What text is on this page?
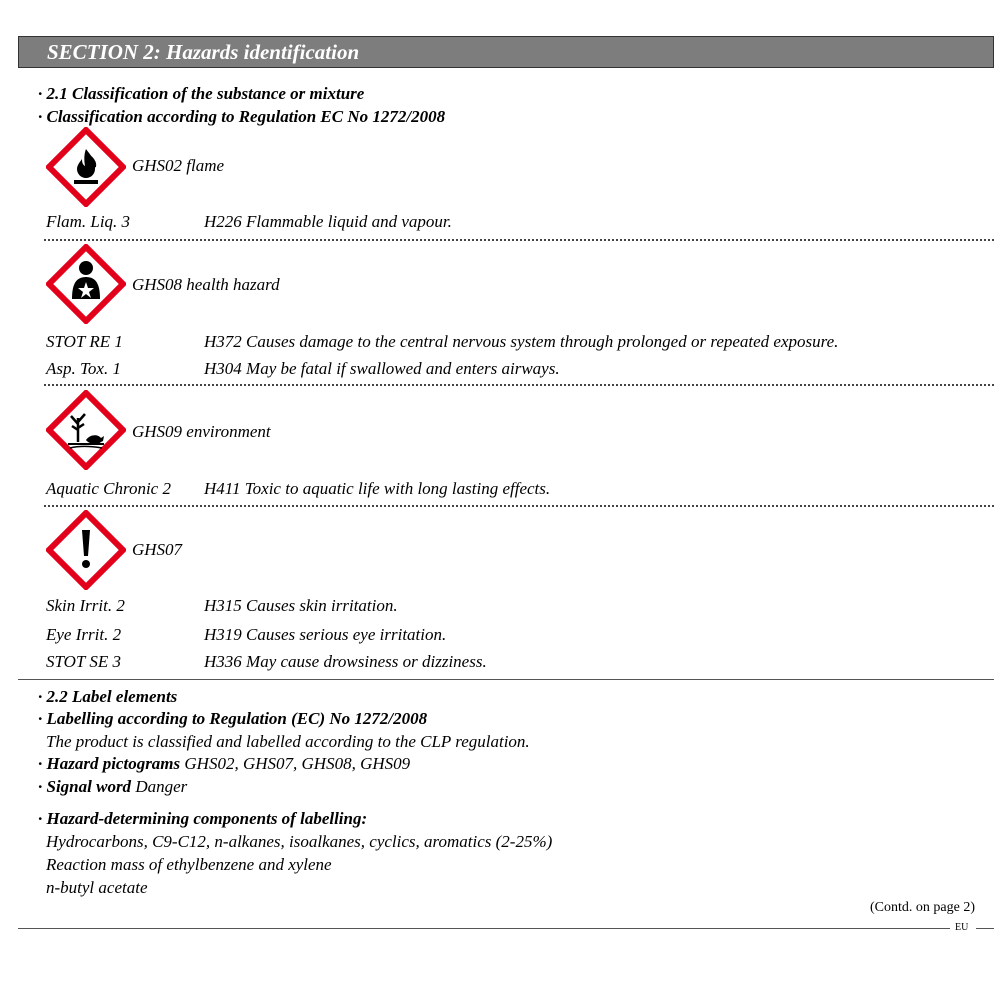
SECTION 2: Hazards identification
· 2.1 Classification of the substance or mixture
· Classification according to Regulation EC No 1272/2008
GHS02 flame
Flam. Liq. 3	H226 Flammable liquid and vapour.
GHS08 health hazard
STOT RE 1	H372 Causes damage to the central nervous system through prolonged or repeated exposure.
Asp. Tox. 1	H304 May be fatal if swallowed and enters airways.
GHS09 environment
Aquatic Chronic 2 H411 Toxic to aquatic life with long lasting effects.
GHS07
Skin Irrit. 2	H315 Causes skin irritation.
Eye Irrit. 2	H319 Causes serious eye irritation.
STOT SE 3	H336 May cause drowsiness or dizziness.
· 2.2 Label elements
· Labelling according to Regulation (EC) No 1272/2008
The product is classified and labelled according to the CLP regulation.
· Hazard pictograms GHS02, GHS07, GHS08, GHS09
· Signal word Danger
· Hazard-determining components of labelling:
Hydrocarbons, C9-C12, n-alkanes, isoalkanes, cyclics, aromatics (2-25%)
Reaction mass of ethylbenzene and xylene
n-butyl acetate
(Contd. on page 2)
EU
